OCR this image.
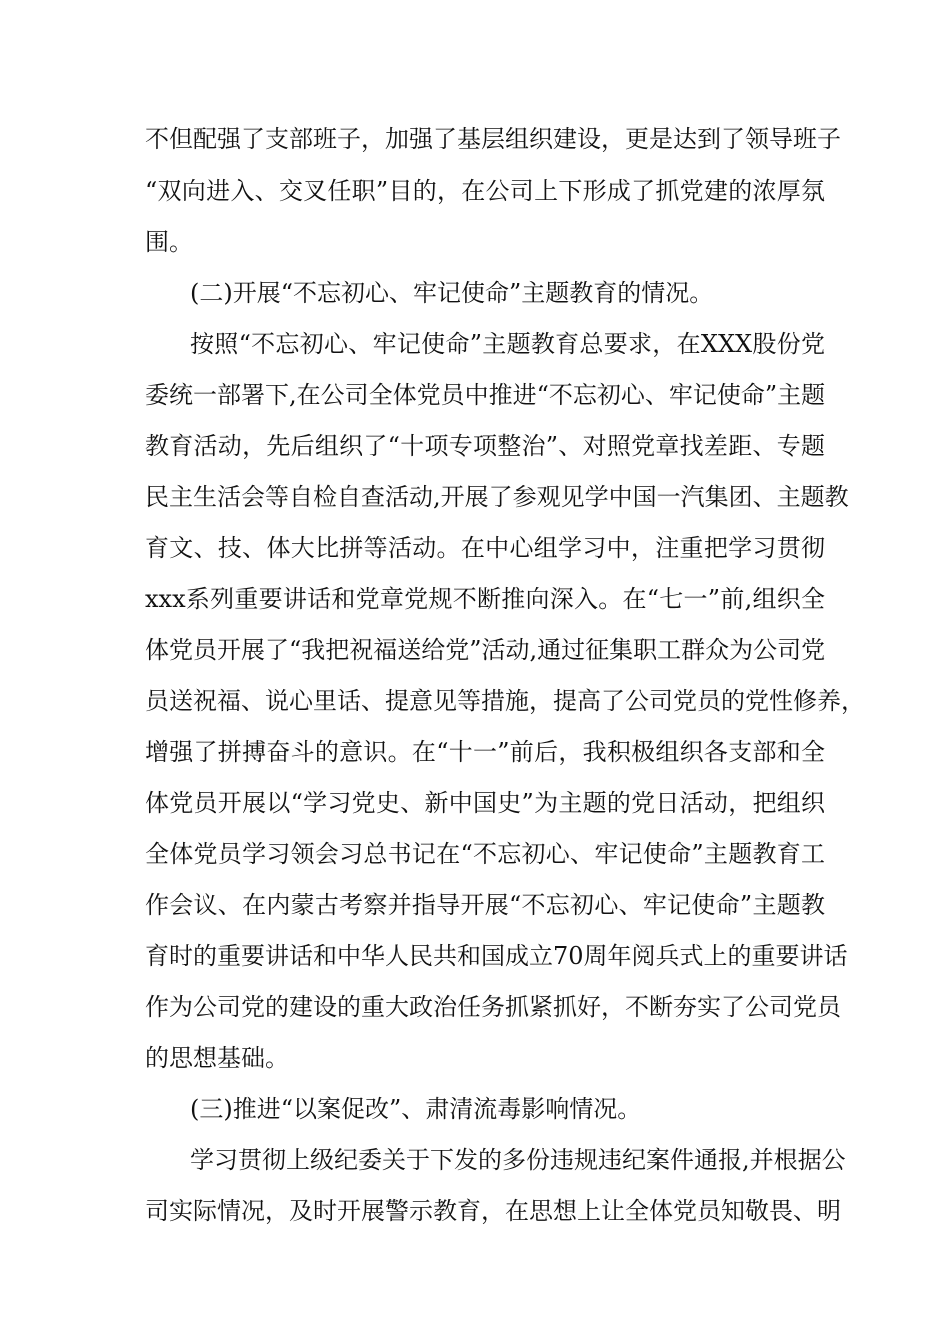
不但配强了支部班子，加强了基层组织建设，更是达到了领导班子
“双向进入、交叉任职”目的，在公司上下形成了抓党建的浓厚氛
围。
(二)开展“不忘初心、牢记使命”主题教育的情况。
按照“不忘初心、牢记使命”主题教育总要求，在XXX股份党
委统一部署下,在公司全体党员中推进“不忘初心、牢记使命”主题
教育活动，先后组织了“十项专项整治”、对照党章找差距、专题
民主生活会等自检自查活动,开展了参观见学中国一汽集团、主题教
育文、技、体大比拼等活动。在中心组学习中，注重把学习贯彻
xxx系列重要讲话和党章党规不断推向深入。在“七一”前,组织全
体党员开展了“我把祝福送给党”活动,通过征集职工群众为公司党
员送祝福、说心里话、提意见等措施，提高了公司党员的党性修养，
增强了拼搏奋斗的意识。在“十一”前后，我积极组织各支部和全
体党员开展以“学习党史、新中国史”为主题的党日活动，把组织
全体党员学习领会习总书记在“不忘初心、牢记使命”主题教育工
作会议、在内蒙古考察并指导开展“不忘初心、牢记使命”主题教
育时的重要讲话和中华人民共和国成立70周年阅兵式上的重要讲话
作为公司党的建设的重大政治任务抓紧抓好，不断夯实了公司党员
的思想基础。
(三)推进“以案促改”、肃清流毒影响情况。
学习贯彻上级纪委关于下发的多份违规违纪案件通报,并根据公
司实际情况，及时开展警示教育，在思想上让全体党员知敬畏、明
